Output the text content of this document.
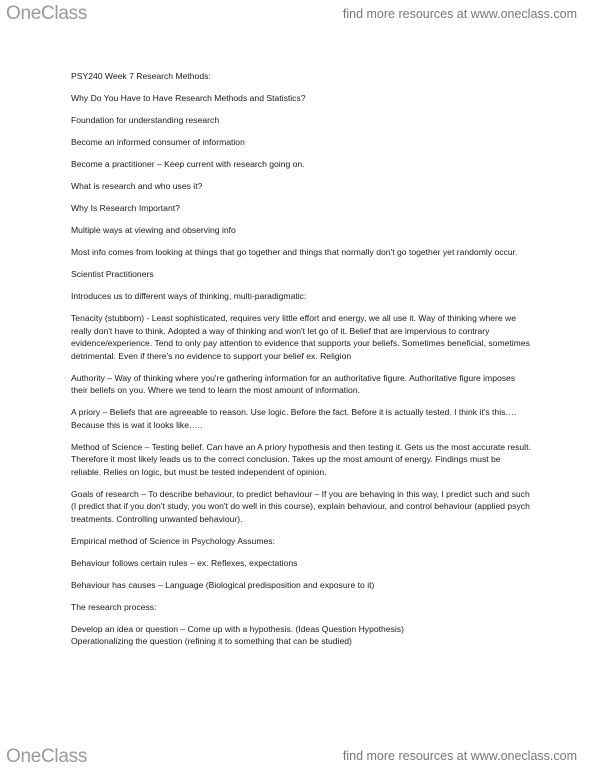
OneClass	find more resources at www.oneclass.com

PSY240 Week 7 Research Methods:

Why Do You Have to Have Research Methods and Statistics?

Foundation for understanding research

Become an informed consumer of information

Become a practitioner – Keep current with research going on.

What is research and who uses it?

Why Is Research Important?

Multiple ways at viewing and observing info

Most info comes from looking at things that go together and things that normally don't go together yet randomly occur.

Scientist Practitioners

Introduces us to different ways of thinking, multi-paradigmatic:

Tenacity (stubborn) - Least sophisticated, requires very little effort and energy, we all use it. Way of thinking where we really don't have to think. Adopted a way of thinking and won't let go of it. Belief that are impervious to contrary evidence/experience. Tend to only pay attention to evidence that supports your beliefs. Sometimes beneficial, sometimes detrimental. Even if there's no evidence to support your belief ex. Religion

Authority – Way of thinking where you're gathering information for an authoritative figure. Authoritative figure imposes their beliefs on you. Where we tend to learn the most amount of information.

A priory – Beliefs that are agreeable to reason. Use logic. Before the fact. Before it is actually tested. I think it's this…. Because this is wat it looks like…..

Method of Science – Testing belief. Can have an A priory hypothesis and then testing it. Gets us the most accurate result. Therefore it most likely leads us to the correct conclusion. Takes up the most amount of energy. Findings must be reliable. Relies on logic, but must be tested independent of opinion.

Goals of research – To describe behaviour, to predict behaviour – If you are behaving in this way, I predict such and such (I predict that if you don't study, you won't do well in this course), explain behaviour, and control behaviour (applied psych treatments. Controlling unwanted behaviour).

Empirical method of Science in Psychology Assumes:

Behaviour follows certain rules – ex. Reflexes, expectations

Behaviour has causes – Language (Biological predisposition and exposure to it)

The research process:

Develop an idea or question – Come up with a hypothesis. (Ideas Question Hypothesis)
Operationalizing the question (refining it to something that can be studied)

OneClass	find more resources at www.oneclass.com
